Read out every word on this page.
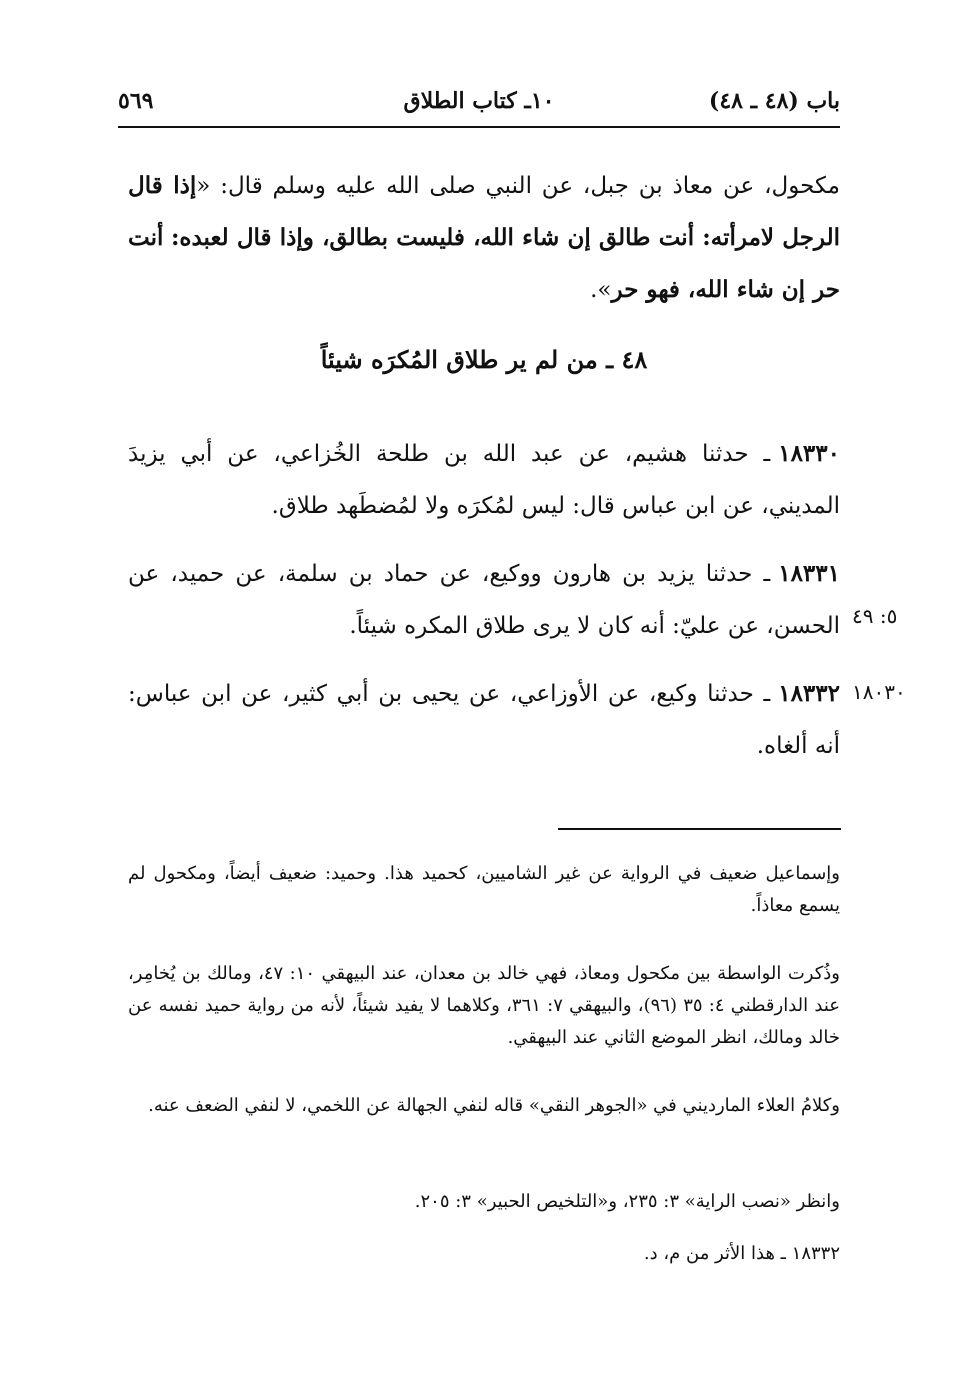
٥٦٩	١٠ـ كتاب الطلاق	باب (٤٨ ـ ٤٨)
مكحول، عن معاذ بن جبل، عن النبي صلى الله عليه وسلم قال: «إذا قال الرجل لامرأته: أنت طالق إن شاء الله، فليست بطالق، وإذا قال لعبده: أنت حر إن شاء الله، فهو حر».
٤٨ ـ من لم ير طلاق المُكرَه شيئاً
١٨٣٣٠ـ حدثنا هشيم، عن عبد الله بن طلحة الخُزاعي، عن أبي يزيدَ المديني، عن ابن عباس قال: ليس لمُكرَه ولا لمُضطَهد طلاق.
١٨٣٣١ـ حدثنا يزيد بن هارون ووكيع، عن حماد بن سلمة، عن حميد، عن الحسن، عن عليّ: أنه كان لا يرى طلاق المكره شيئاً.
١٨٣٣٢ـ حدثنا وكيع، عن الأوزاعي، عن يحيى بن أبي كثير، عن ابن عباس: أنه ألغاه.
٥: ٤٩
١٨٠٣٠
وإسماعيل ضعيف في الرواية عن غير الشاميين، كحميد هذا. وحميد: ضعيف أيضاً، ومكحول لم يسمع معاذاً.
وذُكرت الواسطة بين مكحول ومعاذ، فهي خالد بن معدان، عند البيهقي ١٠: ٤٧، ومالك بن يُخامِر، عند الدارقطني ٤: ٣٥ (٩٦)، والبيهقي ٧: ٣٦١، وكلاهما لا يفيد شيئاً، لأنه من رواية حميد نفسه عن خالد ومالك، انظر الموضع الثاني عند البيهقي.
وكلامُ العلاء المارديني في «الجوهر النقي» قاله لنفي الجهالة عن اللخمي، لا لنفي الضعف عنه.
وانظر «نصب الراية» ٣: ٢٣٥، و«التلخيص الحبير» ٣: ٢٠٥.
١٨٣٣٢ ـ هذا الأثر من م، د.
